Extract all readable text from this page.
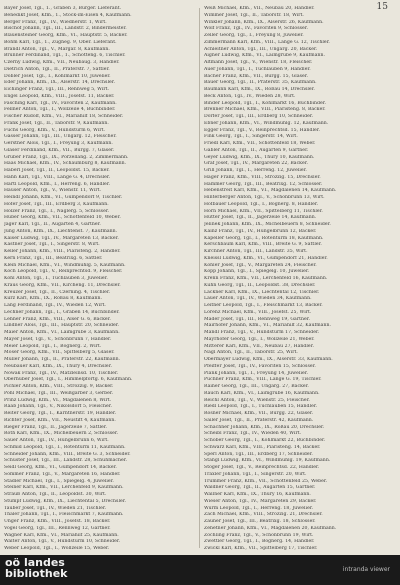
15
Bayer Josef, Tgl., 1., Graben 3, Bürger. Lieferant.
Benedikt Josef, Kfm., 1., Stock-im-Eisen 4, Kaufmann.
Berger Franz, Tgl., IV., Wiednerstr. 1, Wirt.
Bischof Johann, Tgl., III., Landstr. 2, Bindermeister.
Blauensteiner Georg, Kfm., VI., Hauptstr. 5, Bäcker.
Böhm Karl, Tgl., 1., Zugheg. 9, Ober. Lieferant.
Brandl Anton, Tgl., V., Margar. 8, Kaufmann.
Brunner Ferdinand, Tgl., 1., Schotteng. 6, Tischler.
Czerny Ludwig, Kfm., VII., Neubaug. 3, Händler.
Dietrich Anton, Tgl., II., Praterstr. 7, Sattler.
Dobler Josef, Tgl., I., Kohlmarkt 10, Juwelier.
Eder Johann, Kfm., IX., Alserstr. 14, Drechsler.
Eichinger Franz, Tgl., III., Rennweg 5, Wirt.
Engel Leopold, Kfm., VIII., Josefst. 11, Bäcker.
Fasching Karl, Tgl., IV., Favoriten 2, Kaufmann.
Fellner Anton, Tgl., I., Wollzeile 4, Buchbinder.
Fischer Rudolf, Kfm., VI., Mariahilf 18, Schneider.
Frank Josef, Tgl., II., Taborstr. 9, Kaufmann.
Fuchs Georg, Kfm., V., Hundsturm 6, Wirt.
Gasser Johann, Tgl., III., Ungarg. 12, Fleischer.
Gerstner Alois, Tgl., I., Freyung 3, Kaufmann.
Glaser Ferdinand, Kfm., VII., Burgg. 7, Glaser.
Gruber Franz, Tgl., IX., Porzellang. 2, Zimmermann.
Haas Michael, Kfm., IV., Schaumburg 8, Kaufmann.
Haberl Josef, Tgl., II., Leopoldst. 15, Bäcker.
Hahn Karl, Tgl., VIII., Lange G. 4, Drechsler.
Hartl Leopold, Kfm., I., Herreng. 6, Händler.
Hauser Anton, Tgl., V., Wienstr. 11, Wirt.
Heindl Johann, Kfm., VI., Gumpendorf 9, Tischler.
Hofer Josef, Tgl., III., Erdberg 3, Kaufmann.
Holzer Franz, Tgl., I., Naglerg. 5, Schlosser.
Huber Georg, Kfm., VII., Schottenfeld 10, Weber.
Jäger Karl, Tgl., II., Augarten 4, Gärtner.
Jung Anton, Kfm., IX., Liechtenst. 7, Kaufmann.
Kaiser Ludwig, Tgl., IV., Margareten 13, Bäcker.
Kastner Josef, Tgl., I., Singerstr. 8, Wirt.
Keller Johann, Kfm., VIII., Piaristeng. 2, Händler.
Kern Franz, Tgl., III., Beatrixg. 6, Sattler.
Klein Michael, Kfm., VI., Windmühlg. 5, Kaufmann.
Koch Leopold, Tgl., V., Reinprechtsd. 9, Fleischer.
Kohl Anton, Tgl., I., Tuchlauben 3, Juwelier.
Kraus Georg, Kfm., VII., Kircheng. 11, Drechsler.
Kreuzer Josef, Tgl., II., Czerning. 4, Tischler.
Kurz Karl, Kfm., IX., Roßau 8, Kaufmann.
Lang Ferdinand, Tgl., IV., Wieden 12, Wirt.
Lechner Johann, Tgl., I., Graben 14, Buchbinder.
Lehner Franz, Kfm., VIII., Alser G. 6, Bäcker.
Lindner Alois, Tgl., III., Hauptstr. 20, Schneider.
Maier Anton, Kfm., VI., Laimgrube 3, Kaufmann.
Mayer Josef, Tgl., V., Schönbrunn 7, Händler.
Meier Leopold, Tgl., I., Bognerg. 2, Wirt.
Moser Georg, Kfm., VII., Spittelberg 5, Glaser.
Müller Johann, Tgl., II., Praterstr. 22, Kaufmann.
Neubauer Karl, Kfm., IX., Thury 4, Drechsler.
Nowak Franz, Tgl., IV., Matzleinsd. 10, Tischler.
Oberhuber Josef, Tgl., I., Himmelpfortg. 6, Kaufmann.
Pichler Anton, Kfm., VIII., Strozzig. 9, Bäcker.
Pohl Michael, Tgl., III., Weißgärber 3, Gerber.
Prinz Ludwig, Kfm., VI., Magdalenen 8, Wirt.
Raab Johann, Tgl., V., Nikolsdorf 5, Fleischer.
Reiter Georg, Tgl., I., Kärntnerstr. 19, Händler.
Richter Josef, Kfm., VII., Neustift 4, Kaufmann.
Rieger Franz, Tgl., II., Jägerzeile 7, Sattler.
Roth Karl, Kfm., IX., Michelbeuern 2, Schlosser.
Sauer Anton, Tgl., IV., Hungelbrunn 6, Wirt.
Schmid Leopold, Tgl., I., Rotenturm 11, Kaufmann.
Schneider Johann, Kfm., VIII., Breite G. 3, Schneider.
Schuster Josef, Tgl., III., Landstr. 28, Schuhmacher.
Seidl Georg, Kfm., VI., Gumpendorf 14, Bäcker.
Sommer Franz, Tgl., V., Margareten 16, Händler.
Stadler Michael, Tgl., I., Spiegelg. 4, Juwelier.
Steiner Karl, Kfm., VII., Lerchenfeld 9, Kaufmann.
Strauß Anton, Tgl., II., Leopoldst. 30, Wirt.
Stumpf Ludwig, Kfm., IX., Liechtental 5, Drechsler.
Tauber Josef, Tgl., IV., Wieden 21, Tischler.
Thaler Johann, Tgl., I., Fleischmarkt 7, Kaufmann.
Unger Franz, Kfm., VIII., Josefst. 18, Bäcker.
Vogel Georg, Tgl., III., Rennweg 12, Gärtner.
Wagner Karl, Kfm., VI., Mariahilf 25, Kaufmann.
Walter Anton, Tgl., V., Hundsturm 10, Schneider.
Weber Leopold, Tgl., I., Wollzeile 15, Weber.
Weiß Michael, Kfm., VII., Neubau 20, Händler.
Wimmer Josef, Tgl., II., Taborstr. 18, Wirt.
Winkler Johann, Kfm., IX., Alserstr. 26, Kaufmann.
Wolf Franz, Tgl., IV., Favoriten 9, Schlosser.
Zeller Georg, Tgl., I., Freyung 8, Juwelier.
Zimmermann Karl, Kfm., VIII., Lange G. 12, Tischler.
Achleitner Anton, Tgl., III., Ungarg. 20, Bäcker.
Aigner Ludwig, Kfm., VI., Laimgrube 9, Kaufmann.
Altmann Josef, Tgl., V., Wienstr. 18, Fleischer.
Auer Johann, Tgl., I., Tuchlauben 9, Händler.
Bacher Franz, Kfm., VII., Burgg. 15, Glaser.
Bauer Georg, Tgl., II., Praterstr. 35, Kaufmann.
Baumann Karl, Kfm., IX., Roßau 14, Drechsler.
Beck Anton, Tgl., IV., Wieden 28, Wirt.
Binder Leopold, Tgl., I., Kohlmarkt 16, Buchbinder.
Brenner Michael, Kfm., VIII., Piaristeng. 8, Bäcker.
Dorfer Josef, Tgl., III., Erdberg 10, Schneider.
Ebner Johann, Kfm., VI., Windmühlg. 12, Kaufmann.
Egger Franz, Tgl., V., Reinprechtsd. 15, Händler.
Fink Georg, Tgl., I., Singerstr. 14, Wirt.
Friedl Karl, Kfm., VII., Schottenfeld 18, Weber.
Gabler Anton, Tgl., II., Augarten 9, Gärtner.
Geyer Ludwig, Kfm., IX., Thury 10, Kaufmann.
Graf Josef, Tgl., IV., Margareten 22, Bäcker.
Grill Johann, Tgl., I., Herreng. 12, Juwelier.
Hager Franz, Kfm., VIII., Strozzig. 15, Drechsler.
Hammer Georg, Tgl., III., Beatrixg. 12, Schlosser.
Hebenstreit Karl, Kfm., VI., Magdalenen 14, Kaufmann.
Hinterberger Anton, Tgl., V., Schönbrunn 13, Wirt.
Hofbauer Leopold, Tgl., I., Bognerg. 8, Händler.
Horn Michael, Kfm., VII., Spittelberg 11, Tischler.
Hutter Josef, Tgl., II., Jägerzeile 14, Kaufmann.
Jelinek Johann, Kfm., IX., Michelbeuern 8, Schneider.
Kainz Franz, Tgl., IV., Hungelbrunn 12, Bäcker.
Kapeller Georg, Tgl., I., Rotenturm 18, Kaufmann.
Kerschbaum Karl, Kfm., VIII., Breite G. 9, Sattler.
Kirchner Anton, Tgl., III., Landstr. 35, Wirt.
Kneissl Ludwig, Kfm., VI., Gumpendorf 21, Händler.
Köhler Josef, Tgl., V., Margareten 24, Fleischer.
Kopp Johann, Tgl., I., Spiegelg. 10, Juwelier.
Krenn Franz, Kfm., VII., Lerchenfeld 16, Kaufmann.
Kühn Georg, Tgl., II., Leopoldst. 38, Drechsler.
Lackner Karl, Kfm., IX., Liechtental 12, Tischler.
Lauer Anton, Tgl., IV., Wieden 34, Kaufmann.
Leitner Leopold, Tgl., I., Fleischmarkt 13, Bäcker.
Lorenz Michael, Kfm., VIII., Josefst. 25, Wirt.
Mader Josef, Tgl., III., Rennweg 19, Gärtner.
Mairhofer Johann, Kfm., VI., Mariahilf 32, Kaufmann.
Mandl Franz, Tgl., V., Hundsturm 17, Schneider.
Mayrhofer Georg, Tgl., I., Wollzeile 21, Weber.
Mitterer Karl, Kfm., VII., Neubau 27, Händler.
Nagl Anton, Tgl., II., Taborstr. 25, Wirt.
Obermayer Ludwig, Kfm., IX., Alserstr. 33, Kaufmann.
Pfeiffer Josef, Tgl., IV., Favoriten 15, Schlosser.
Plank Johann, Tgl., I., Freyung 14, Juwelier.
Puchner Franz, Kfm., VIII., Lange G. 19, Tischler.
Rainer Georg, Tgl., III., Ungarg. 27, Bäcker.
Rauch Karl, Kfm., VI., Laimgrube 16, Kaufmann.
Reichl Anton, Tgl., V., Wienstr. 25, Fleischer.
Riedl Leopold, Tgl., I., Tuchlauben 15, Händler.
Rosner Michael, Kfm., VII., Burgg. 22, Glaser.
Sailer Josef, Tgl., II., Praterstr. 42, Kaufmann.
Schachner Johann, Kfm., IX., Roßau 20, Drechsler.
Scheibl Franz, Tgl., IV., Wieden 40, Wirt.
Schober Georg, Tgl., I., Kohlmarkt 22, Buchbinder.
Schwarz Karl, Kfm., VIII., Piaristeng. 14, Bäcker.
Sperl Anton, Tgl., III., Erdberg 17, Schneider.
Stangl Ludwig, Kfm., VI., Windmühlg. 19, Kaufmann.
Stöger Josef, Tgl., V., Reinprechtsd. 22, Händler.
Traxler Johann, Tgl., I., Singerstr. 20, Wirt.
Trummer Franz, Kfm., VII., Schottenfeld 25, Weber.
Waldner Georg, Tgl., II., Augarten 15, Gärtner.
Wallner Karl, Kfm., IX., Thury 16, Kaufmann.
Wieser Anton, Tgl., IV., Margareten 29, Bäcker.
Wurm Leopold, Tgl., I., Herreng. 18, Juwelier.
Zach Michael, Kfm., VIII., Strozzig. 21, Drechsler.
Zauner Josef, Tgl., III., Beatrixg. 18, Schlosser.
Zehetner Johann, Kfm., VI., Magdalenen 20, Kaufmann.
Zöchling Franz, Tgl., V., Schönbrunn 19, Wirt.
Zwettler Georg, Tgl., I., Bognerg. 14, Händler.
Zwickl Karl, Kfm., VII., Spittelberg 17, Tischler.
oö landes
bibliothek	intranda viewer
